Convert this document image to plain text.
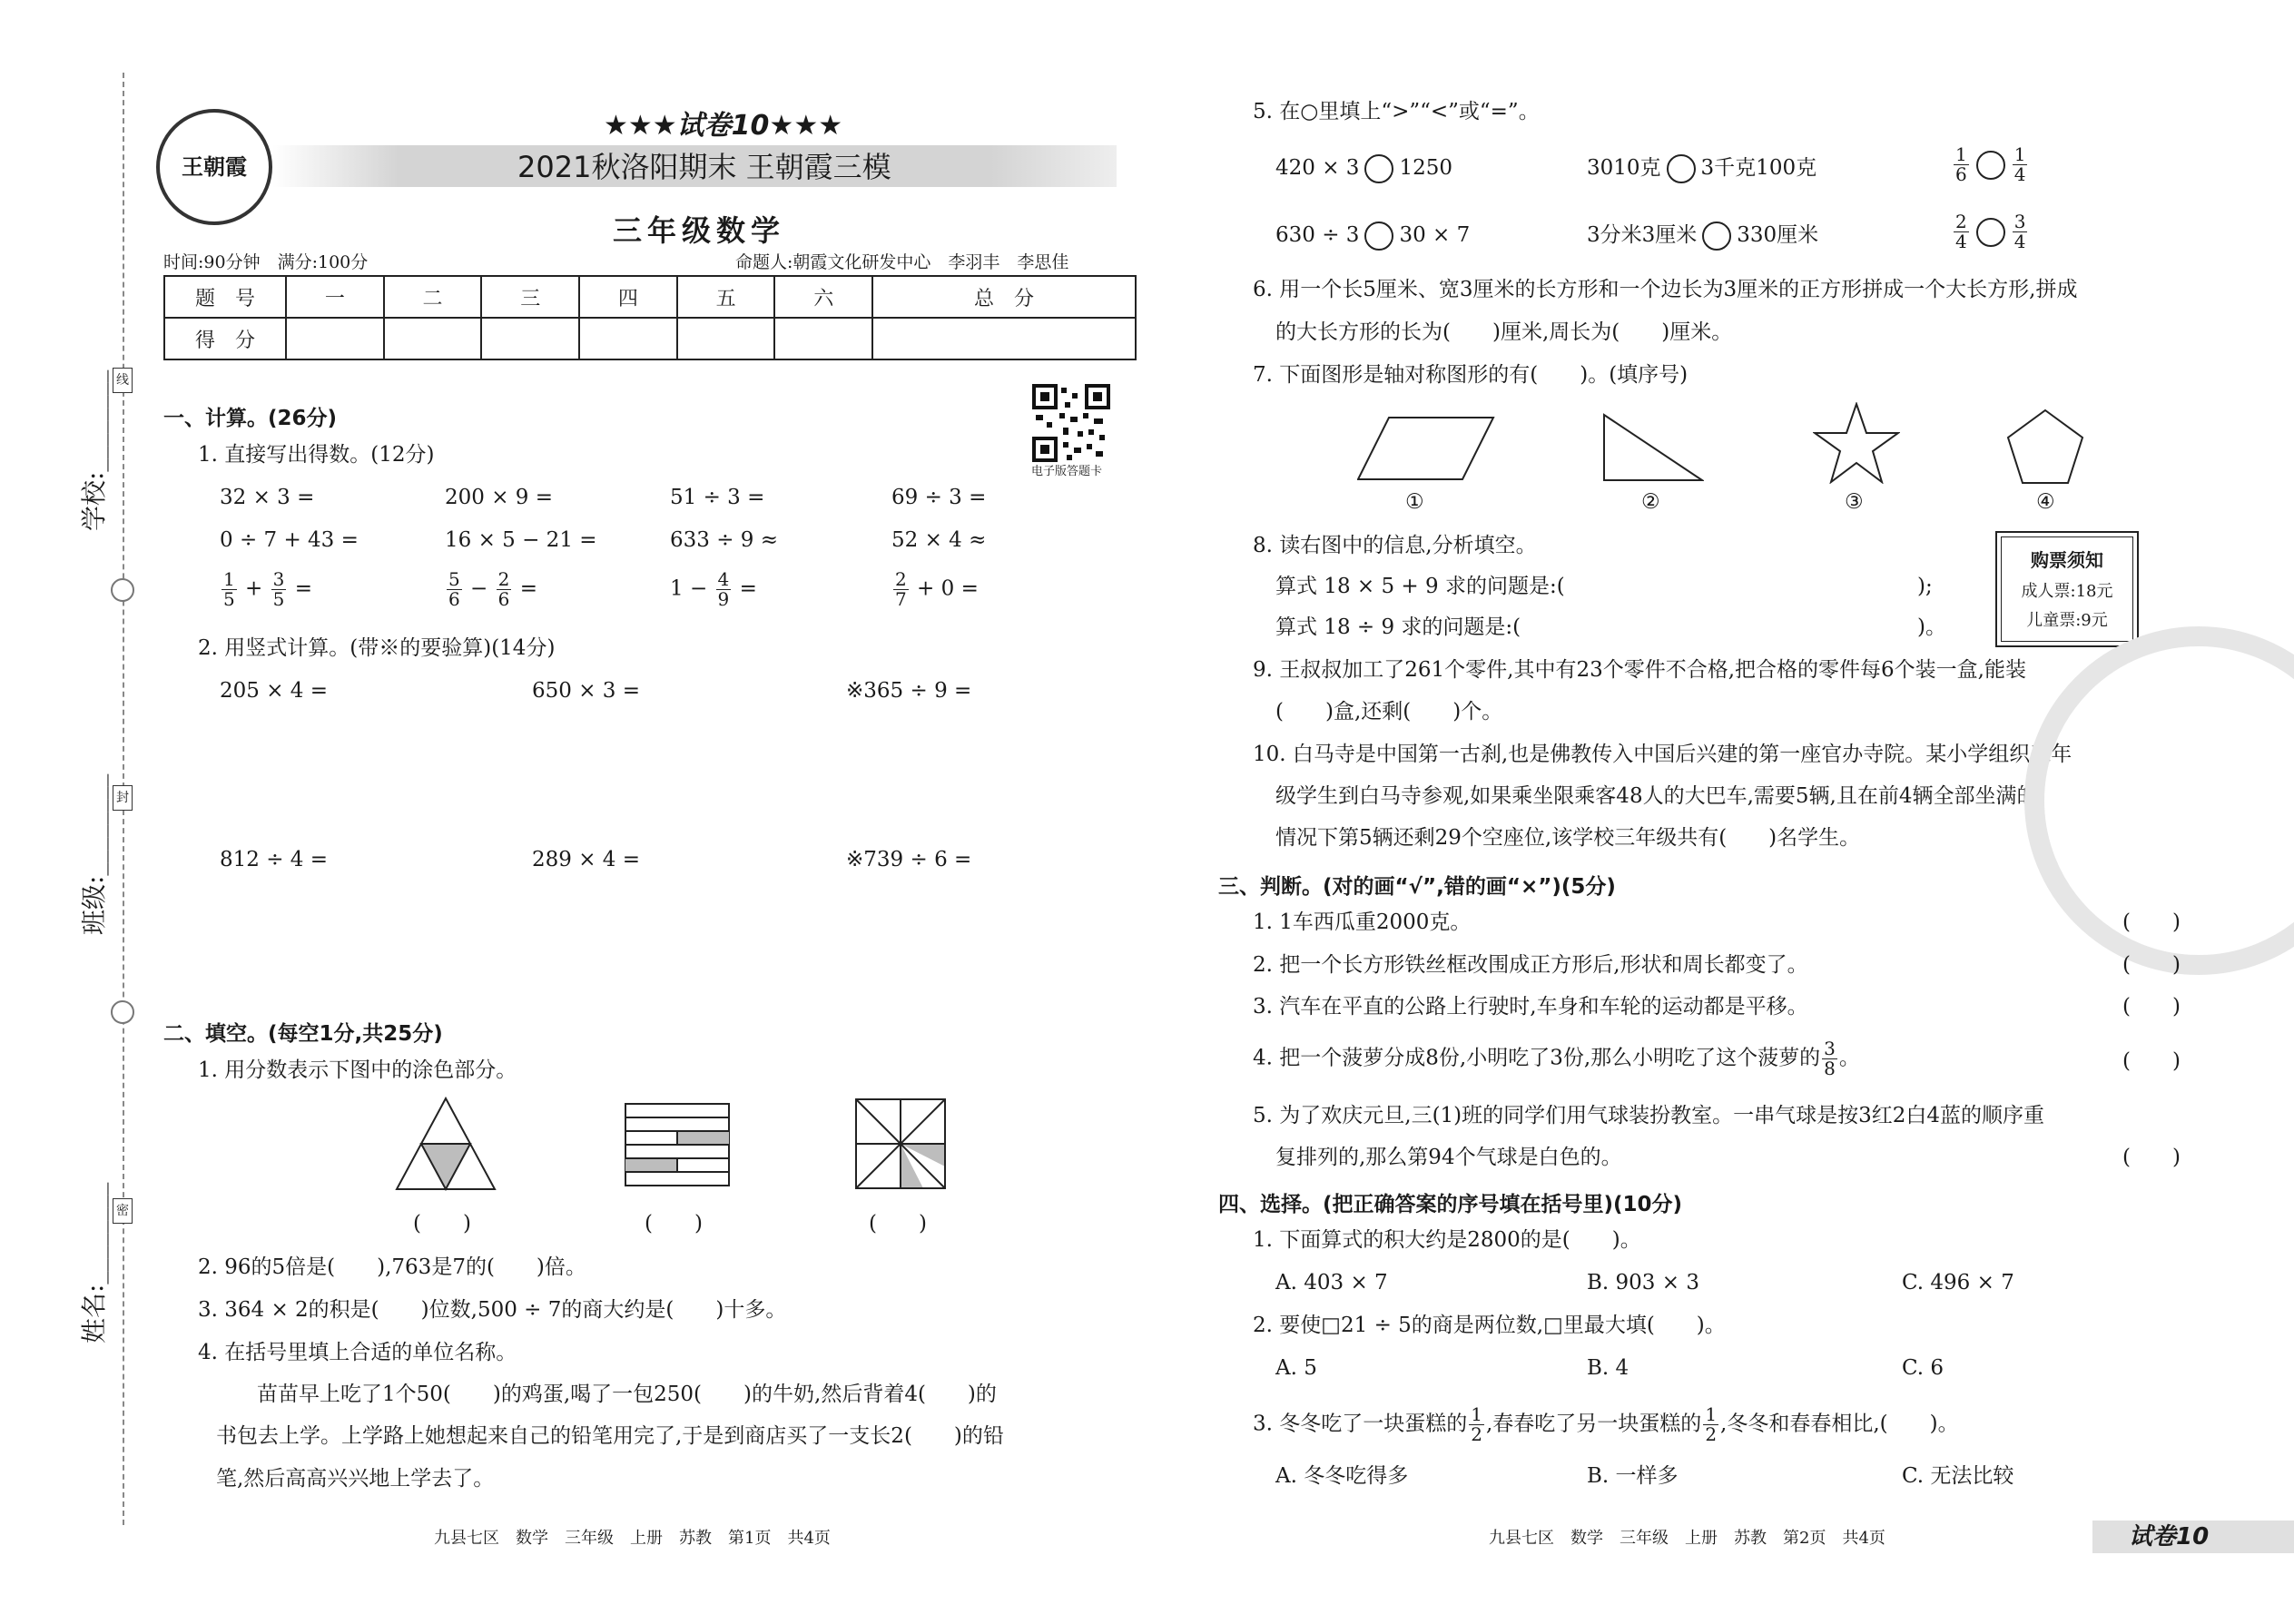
线
封
密
学校:________
班级:________
姓名:________
王朝霞
★★★试卷10★★★
2021秋洛阳期末 王朝霞三模
三年级数学
时间:90分钟　满分:100分	命题人:朝霞文化研发中心　李羽丰　李思佳
题　号	一	二	三	四	五	六	总　分
得　分							
电子版答题卡
一、计算。(26分)
1. 直接写出得数。(12分)
32 × 3 =	200 × 9 =	51 ÷ 3 =	69 ÷ 3 =
0 ÷ 7 + 43 =	16 × 5 − 21 =	633 ÷ 9 ≈	52 × 4 ≈
$\frac{1}{5} + \frac{3}{5}$ =	$\frac{5}{6} - \frac{2}{6}$ =	$1 - \frac{4}{9}$ =	$\frac{2}{7} + 0$ =
2. 用竖式计算。(带※的要验算)(14分)
205 × 4 =	650 × 3 =	※365 ÷ 9 =
812 ÷ 4 =	289 × 4 =	※739 ÷ 6 =
二、填空。(每空1分,共25分)
1. 用分数表示下图中的涂色部分。
(　　)	(　　)	(　　)
2. 96的5倍是(　　),763是7的(　　)倍。
3. 364 × 2的积是(　　)位数,500 ÷ 7的商大约是(　　)十多。
4. 在括号里填上合适的单位名称。
苗苗早上吃了1个50(　　)的鸡蛋,喝了一包250(　　)的牛奶,然后背着4(　　)的
书包去上学。上学路上她想起来自己的铅笔用完了,于是到商店买了一支长2(　　)的铅
笔,然后高高兴兴地上学去了。
5. 在○里填上“>”“<”或“=”。
420 × 3 1250	3010克 3千克100克	$\frac{1}{6} \frac{1}{4}$
630 ÷ 3 30 × 7	3分米3厘米 330厘米	$\frac{2}{4} \frac{3}{4}$
6. 用一个长5厘米、宽3厘米的长方形和一个边长为3厘米的正方形拼成一个大长方形,拼成
的大长方形的长为(　　)厘米,周长为(　　)厘米。
7. 下面图形是轴对称图形的有(　　)。(填序号)
①	②	③	④
8. 读右图中的信息,分析填空。
算式 18 × 5 + 9 求的问题是:(	);
算式 18 ÷ 9 求的问题是:(	)。
购票须知
成人票:18元
儿童票:9元
9. 王叔叔加工了261个零件,其中有23个零件不合格,把合格的零件每6个装一盒,能装
(　　)盒,还剩(　　)个。
10. 白马寺是中国第一古刹,也是佛教传入中国后兴建的第一座官办寺院。某小学组织三年
级学生到白马寺参观,如果乘坐限乘客48人的大巴车,需要5辆,且在前4辆全部坐满的
情况下第5辆还剩29个空座位,该学校三年级共有(　　)名学生。
三、判断。(对的画“√”,错的画“×”)(5分)
1. 1车西瓜重2000克。	(　　)
2. 把一个长方形铁丝框改围成正方形后,形状和周长都变了。	(　　)
3. 汽车在平直的公路上行驶时,车身和车轮的运动都是平移。	(　　)
4. 把一个菠萝分成8份,小明吃了3份,那么小明吃了这个菠萝的 $\frac{3}{8}$ 。	(　　)
5. 为了欢庆元旦,三(1)班的同学们用气球装扮教室。一串气球是按3红2白4蓝的顺序重
复排列的,那么第94个气球是白色的。	(　　)
四、选择。(把正确答案的序号填在括号里)(10分)
1. 下面算式的积大约是2800的是(　　)。
A. 403 × 7	B. 903 × 3	C. 496 × 7
2. 要使□21 ÷ 5的商是两位数,□里最大填(　　)。
A. 5	B. 4	C. 6
3. 冬冬吃了一块蛋糕的 $\frac{1}{2}$ ,春春吃了另一块蛋糕的 $\frac{1}{2}$ ,冬冬和春春相比,(　　)。
A. 冬冬吃得多	B. 一样多	C. 无法比较
九县七区　数学　三年级　上册　苏教　第1页　共4页	九县七区　数学　三年级　上册　苏教　第2页　共4页	试卷10
